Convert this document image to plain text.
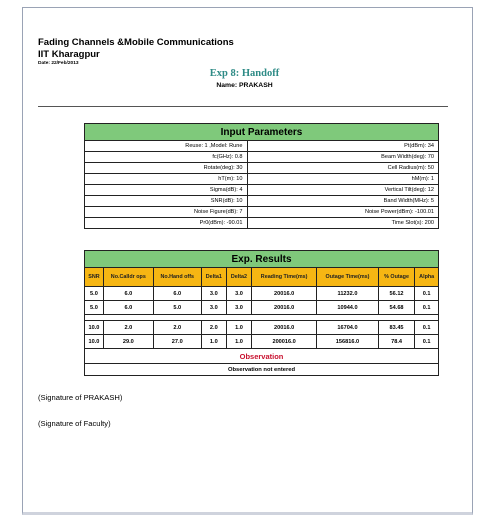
Fading Channels &Mobile Communications
IIT Kharagpur
Date: 22/Feb/2013
Exp 8: Handoff
Name: PRAKASH
Input Parameters	
Reuse: 1 ,Model: Rune	Pt(dBm): 34
fc(GHz): 0.8	Beam Width(deg): 70
Rotate(deg): 30	Cell Radius(m): 50
hT(m): 10	hM(m): 1
Sigma(dB): 4	Vertical Tilt(deg): 12
SNR(dB): 10	Band Width(MHz): 5
Noise Figure(dB): 7	Noise Power(dBm): -100.01
Pr0(dBm): -90.01	Time Slot(s): 200
Exp. Results								
SNR	No.Calldr ops	No.Hand offs	Delta1	Delta2	Reading Time(ms)	Outage Time(ms)	% Outage	Alpha
5.0	6.0	6.0	3.0	3.0	20016.0	11232.0	56.12	0.1
5.0	6.0	5.0	3.0	3.0	20016.0	10944.0	54.68	0.1

10.0	2.0	2.0	2.0	1.0	20016.0	16704.0	83.45	0.1
10.0	29.0	27.0	1.0	1.0	200016.0	156816.0	78.4	0.1
Observation
Observation not entered
(Signature of PRAKASH)
(Signature of Faculty)
